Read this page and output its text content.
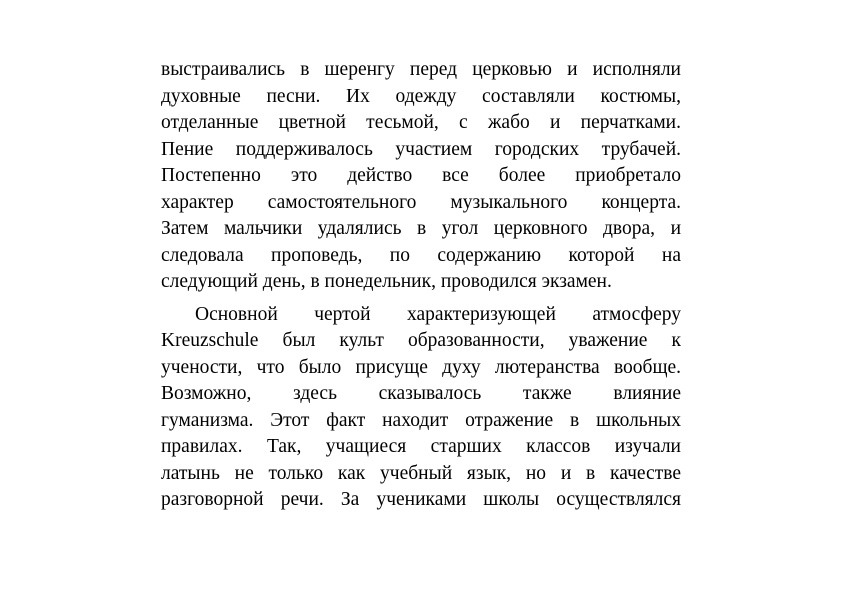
выстраивались в шеренгу перед церковью и исполняли
духовные песни. Их одежду составляли костюмы,
отделанные цветной тесьмой, с жабо и перчатками.
Пение поддерживалось участием городских трубачей.
Постепенно это действо все более приобретало
характер самостоятельного музыкального концерта.
Затем мальчики удалялись в угол церковного двора, и
следовала проповедь, по содержанию которой на
следующий день, в понедельник, проводился экзамен.
Основной чертой характеризующей атмосферу
Kreuzschule был культ образованности, уважение к
учености, что было присуще духу лютеранства вообще.
Возможно, здесь сказывалось также влияние
гуманизма. Этот факт находит отражение в школьных
правилах. Так, учащиеся старших классов изучали
латынь не только как учебный язык, но и в качестве
разговорной речи. За учениками школы осуществлялся
